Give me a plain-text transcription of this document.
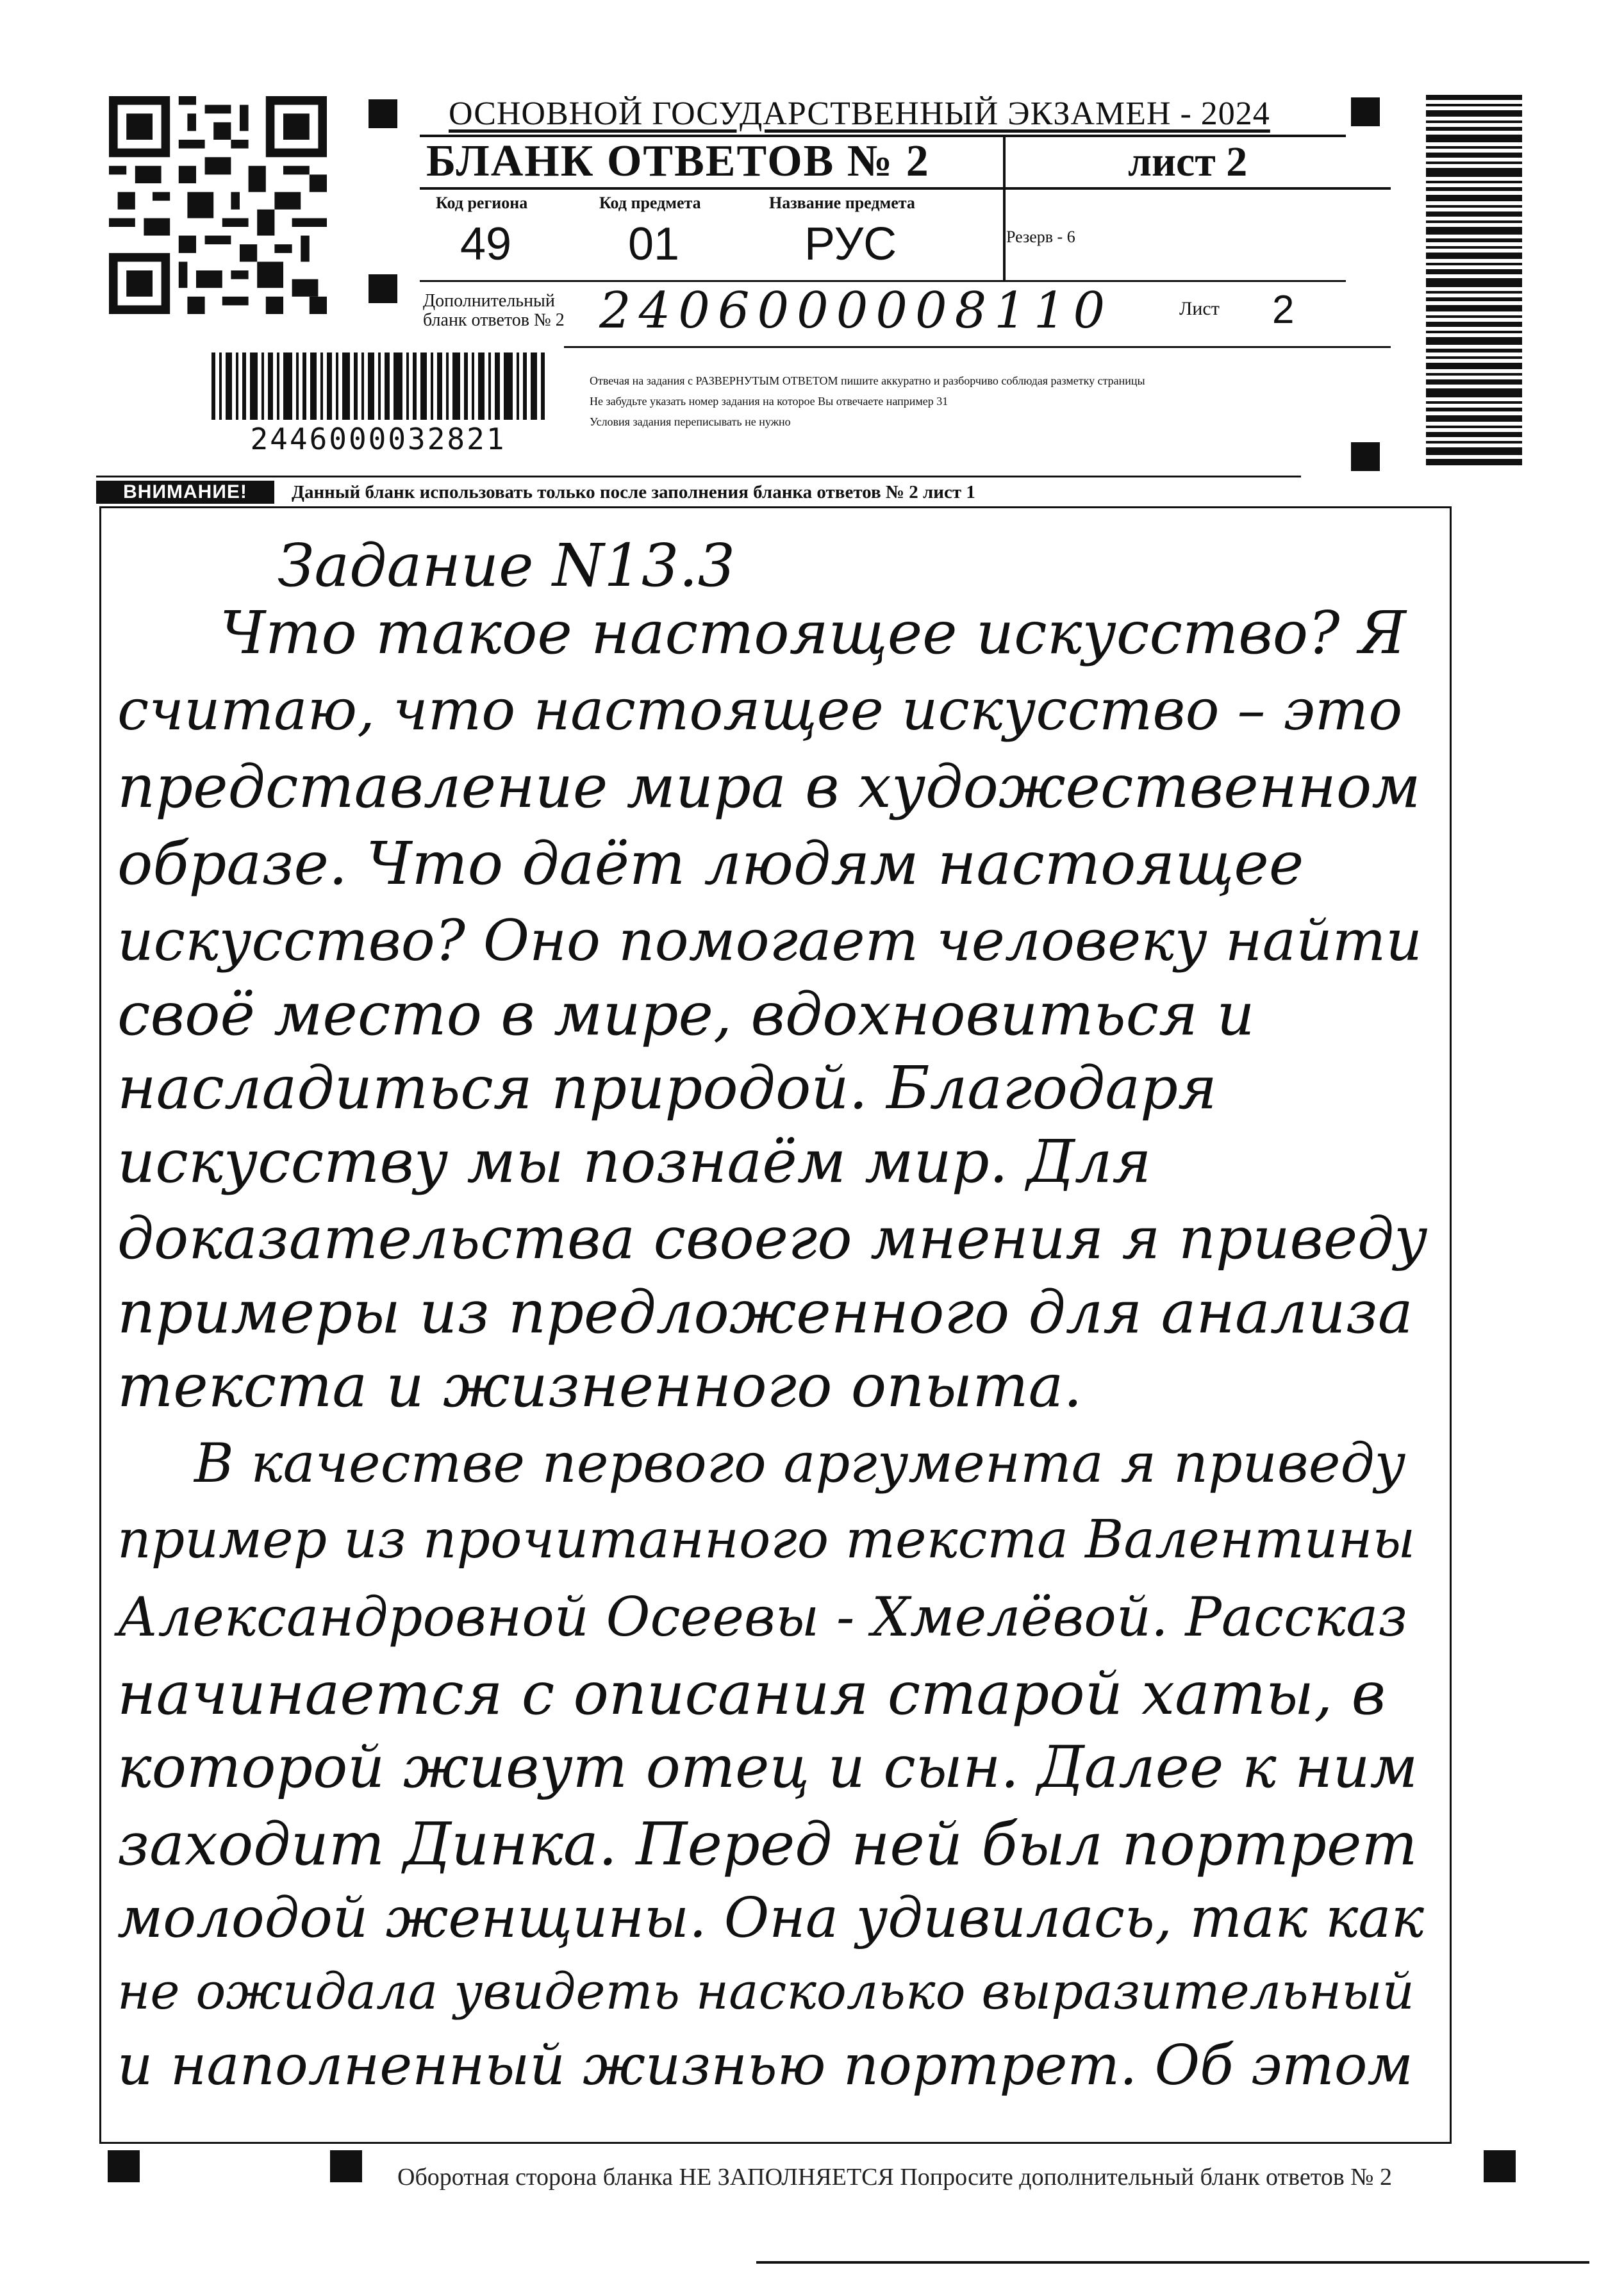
2446000032821
ОСНОВНОЙ ГОСУДАРСТВЕННЫЙ ЭКЗАМЕН - 2024
БЛАНК ОТВЕТОВ № 2	лист 2
Код региона
49
Код предмета
01
Название предмета
РУС	Резерв - 6
Дополнительный
бланк ответов № 2 2406000008110	Лист 2
Отвечая на задания с РАЗВЕРНУТЫМ ОТВЕТОМ пишите аккуратно и разборчиво соблюдая разметку страницы
Не забудьте указать номер задания на которое Вы отвечаете например 31
Условия задания переписывать не нужно
ВНИМАНИЕ!	Данный бланк использовать только после заполнения бланка ответов № 2 лист 1
Задание N13.3
Что такое настоящее искусство? Я
считаю, что настоящее искусство – это
представление мира в художественном
образе. Что даёт людям настоящее
искусство? Оно помогает человеку найти
своё место в мире, вдохновиться и
насладиться природой. Благодаря
искусству мы познаём мир. Для
доказательства своего мнения я приведу
примеры из предложенного для анализа
текста и жизненного опыта.
В качестве первого аргумента я приведу
пример из прочитанного текста Валентины
Александровной Осеевы - Хмелёвой. Рассказ
начинается с описания старой хаты, в
которой живут отец и сын. Далее к ним
заходит Динка. Перед ней был портрет
молодой женщины. Она удивилась, так как
не ожидала увидеть насколько выразительный
и наполненный жизнью портрет. Об этом
Оборотная сторона бланка НЕ ЗАПОЛНЯЕТСЯ Попросите дополнительный бланк ответов № 2
